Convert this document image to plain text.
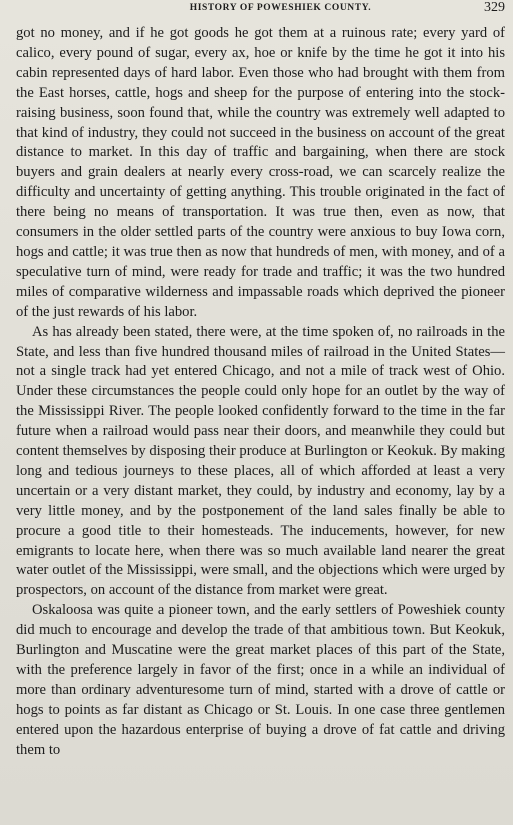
HISTORY OF POWESHIEK COUNTY.	329

got no money, and if he got goods he got them at a ruinous rate; every yard of calico, every pound of sugar, every ax, hoe or knife by the time he got it into his cabin represented days of hard labor. Even those who had brought with them from the East horses, cattle, hogs and sheep for the purpose of entering into the stock-raising business, soon found that, while the country was extremely well adapted to that kind of industry, they could not succeed in the business on account of the great distance to market. In this day of traffic and bargaining, when there are stock buyers and grain dealers at nearly every cross-road, we can scarcely realize the difficulty and uncertainty of getting anything. This trouble originated in the fact of there being no means of transportation. It was true then, even as now, that consumers in the older settled parts of the country were anxious to buy Iowa corn, hogs and cattle; it was true then as now that hundreds of men, with money, and of a speculative turn of mind, were ready for trade and traffic; it was the two hundred miles of comparative wilderness and impassable roads which deprived the pioneer of the just rewards of his labor.

As has already been stated, there were, at the time spoken of, no railroads in the State, and less than five hundred thousand miles of railroad in the United States—not a single track had yet entered Chicago, and not a mile of track west of Ohio. Under these circumstances the people could only hope for an outlet by the way of the Mississippi River. The people looked confidently forward to the time in the far future when a railroad would pass near their doors, and meanwhile they could but content themselves by disposing their produce at Burlington or Keokuk. By making long and tedious journeys to these places, all of which afforded at least a very uncertain or a very distant market, they could, by industry and economy, lay by a very little money, and by the postponement of the land sales finally be able to procure a good title to their homesteads. The inducements, however, for new emigrants to locate here, when there was so much available land nearer the great water outlet of the Mississippi, were small, and the objections which were urged by prospectors, on account of the distance from market were great.

Oskaloosa was quite a pioneer town, and the early settlers of Poweshiek county did much to encourage and develop the trade of that ambitious town. But Keokuk, Burlington and Muscatine were the great market places of this part of the State, with the preference largely in favor of the first; once in a while an individual of more than ordinary adventuresome turn of mind, started with a drove of cattle or hogs to points as far distant as Chicago or St. Louis. In one case three gentlemen entered upon the hazardous enterprise of buying a drove of fat cattle and driving them to
